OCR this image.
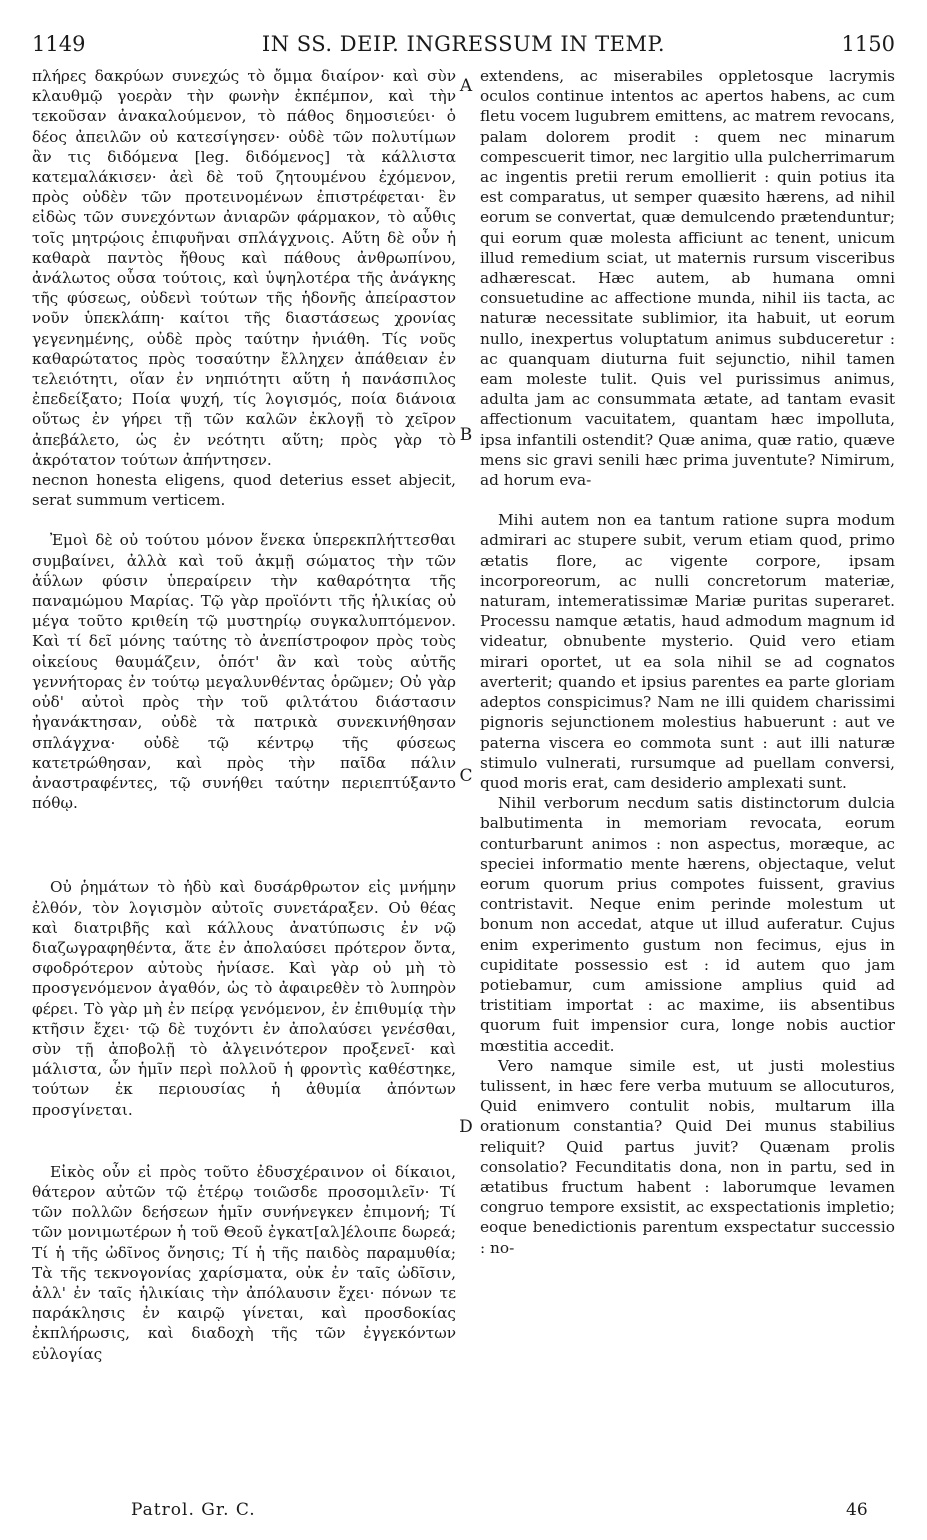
1149	IN SS. DEIP. INGRESSUM IN TEMP.	1150

πλήρες δακρύων συνεχώς τὸ ὄμμα διαίρον· καὶ σὺν κλαυθμῷ γοερὰν τὴν φωνὴν ἐκπέμπον, καὶ τὴν τεκοῦσαν ἀνακαλούμενον, τὸ πάθος δημοσιεύει· ὁ δέος ἀπειλῶν οὐ κατεσίγησεν· οὐδὲ τῶν πολυτίμων ἂν τις διδόμενα [leg. διδόμενος] τὰ κάλλιστα κατεμαλάκισεν· ἀεὶ δὲ τοῦ ζητουμένου ἐχόμενον, πρὸς οὐδὲν τῶν προτεινομένων ἐπιστρέφεται· ἓν εἰδὼς τῶν συνεχόντων ἀνιαρῶν φάρμακον, τὸ αὖθις τοῖς μητρῴοις ἐπιφυῆναι σπλάγχνοις. Αὕτη δὲ οὖν ἡ καθαρὰ παντὸς ἤθους καὶ πάθους ἀνθρωπίνου, ἀνάλωτος οὖσα τούτοις, καὶ ὑψηλοτέρα τῆς ἀνάγκης τῆς φύσεως, οὐδενὶ τούτων τῆς ἡδονῆς ἀπείραστον νοῦν ὑπεκλάπη· καίτοι τῆς διαστάσεως χρονίας γεγενημένης, οὐδὲ πρὸς ταύτην ἠνιάθη. Τίς νοῦς καθαρώτατος πρὸς τοσαύτην ἔλληχεν ἀπάθειαν ἐν τελειότητι, οἵαν ἐν νηπιότητι αὕτη ἡ πανάσπιλος ἐπεδείξατο; Ποία ψυχή, τίς λογισμός, ποία διάνοια οὕτως ἐν γήρει τῇ τῶν καλῶν ἐκλογῇ τὸ χεῖρον ἀπεβάλετο, ὡς ἐν νεότητι αὕτη; πρὸς γὰρ τὸ ἀκρότατον τούτων ἀπήντησεν.

necnon honesta eligens, quod deterius esset abjecit, serat summum verticem.

Ἐμοὶ δὲ οὐ τούτου μόνον ἕνεκα ὑπερεκπλήττεσθαι συμβαίνει, ἀλλὰ καὶ τοῦ ἀκμῇ σώματος τὴν τῶν ἀΰλων φύσιν ὑπεραίρειν τὴν καθαρότητα τῆς παναμώμου Μαρίας. Τῷ γὰρ προϊόντι τῆς ἡλικίας οὐ μέγα τοῦτο κριθείη τῷ μυστηρίῳ συγκαλυπτόμενον. Καὶ τί δεῖ μόνης ταύτης τὸ ἀνεπίστροφον πρὸς τοὺς οἰκείους θαυμάζειν, ὁπότ' ἂν καὶ τοὺς αὐτῆς γεννήτορας ἐν τούτῳ μεγαλυνθέντας ὁρῶμεν; Οὐ γὰρ οὐδ' αὐτοὶ πρὸς τὴν τοῦ φιλτάτου διάστασιν ἠγανάκτησαν, οὐδὲ τὰ πατρικὰ συνεκινήθησαν σπλάγχνα· οὐδὲ τῷ κέντρῳ τῆς φύσεως κατετρώθησαν, καὶ πρὸς τὴν παῖδα πάλιν ἀναστραφέντες, τῷ συνήθει ταύτην περιεπτύξαντο πόθῳ.

Οὐ ῥημάτων τὸ ἡδὺ καὶ δυσάρθρωτον εἰς μνήμην ἐλθόν, τὸν λογισμὸν αὐτοῖς συνετάραξεν. Οὐ θέας καὶ διατριβῆς καὶ κάλλους ἀνατύπωσις ἐν νῷ διαζωγραφηθέντα, ἅτε ἐν ἀπολαύσει πρότερον ὄντα, σφοδρότερον αὐτοὺς ἠνίασε. Καὶ γὰρ οὐ μὴ τὸ προσγενόμενον ἀγαθόν, ὡς τὸ ἀφαιρεθὲν τὸ λυπηρὸν φέρει. Τὸ γὰρ μὴ ἐν πείρᾳ γενόμενον, ἐν ἐπιθυμίᾳ τὴν κτῆσιν ἔχει· τῷ δὲ τυχόντι ἐν ἀπολαύσει γενέσθαι, σὺν τῇ ἀποβολῇ τὸ ἀλγεινότερον προξενεῖ· καὶ μάλιστα, ὧν ἡμῖν περὶ πολλοῦ ἡ φροντὶς καθέστηκε, τούτων ἐκ περιουσίας ἡ ἀθυμία ἀπόντων προσγίνεται.

Εἰκὸς οὖν εἰ πρὸς τοῦτο ἐδυσχέραινον οἱ δίκαιοι, θάτερον αὐτῶν τῷ ἑτέρῳ τοιῶσδε προσομιλεῖν· Τί τῶν πολλῶν δεήσεων ἡμῖν συνήνεγκεν ἐπιμονή; Τί τῶν μονιμωτέρων ἡ τοῦ Θεοῦ ἐγκατ[αλ]έλοιπε δωρεά; Τί ἡ τῆς ὠδῖνος ὄνησις; Τί ἡ τῆς παιδὸς παραμυθία; Τὰ τῆς τεκνογονίας χαρίσματα, οὐκ ἐν ταῖς ὠδῖσιν, ἀλλ' ἐν ταῖς ἡλικίαις τὴν ἀπόλαυσιν ἔχει· πόνων τε παράκλησις ἐν καιρῷ γίνεται, καὶ προσδοκίας ἐκπλήρωσις, καὶ διαδοχὴ τῆς τῶν ἐγγεκόντων εὐλογίας

A
B
C
D

extendens, ac miserabiles oppletosque lacrymis oculos continue intentos ac apertos habens, ac cum fletu vocem lugubrem emittens, ac matrem revocans, palam dolorem prodit : quem nec minarum compescuerit timor, nec largitio ulla pulcherrimarum ac ingentis pretii rerum emollierit : quin potius ita est comparatus, ut semper quæsito hærens, ad nihil eorum se convertat, quæ demulcendo prætenduntur; qui eorum quæ molesta afficiunt ac tenent, unicum illud remedium sciat, ut maternis rursum visceribus adhærescat. Hæc autem, ab humana omni consuetudine ac affectione munda, nihil iis tacta, ac naturæ necessitate sublimior, ita habuit, ut eorum nullo, inexpertus voluptatum animus subduceretur : ac quanquam diuturna fuit sejunctio, nihil tamen eam moleste tulit. Quis vel purissimus animus, adulta jam ac consummata ætate, ad tantam evasit affectionum vacuitatem, quantam hæc impolluta, ipsa infantili ostendit? Quæ anima, quæ ratio, quæve mens sic gravi senili hæc prima juventute? Nimirum, ad horum eva-

Mihi autem non ea tantum ratione supra modum admirari ac stupere subit, verum etiam quod, primo ætatis flore, ac vigente corpore, ipsam incorporeorum, ac nulli concretorum materiæ, naturam, intemeratissimæ Mariæ puritas superaret. Processu namque ætatis, haud admodum magnum id videatur, obnubente mysterio. Quid vero etiam mirari oportet, ut ea sola nihil se ad cognatos averterit; quando et ipsius parentes ea parte gloriam adeptos conspicimus? Nam ne illi quidem charissimi pignoris sejunctionem molestius habuerunt : aut ve paterna viscera eo commota sunt : aut illi naturæ stimulo vulnerati, rursumque ad puellam conversi, quod moris erat, cam desiderio amplexati sunt.

Nihil verborum necdum satis distinctorum dulcia balbutimenta in memoriam revocata, eorum conturbarunt animos : non aspectus, moræque, ac speciei informatio mente hærens, objectaque, velut eorum quorum prius compotes fuissent, gravius contristavit. Neque enim perinde molestum ut bonum non accedat, atque ut illud auferatur. Cujus enim experimento gustum non fecimus, ejus in cupiditate possessio est : id autem quo jam potiebamur, cum amissione amplius quid ad tristitiam importat : ac maxime, iis absentibus quorum fuit impensior cura, longe nobis auctior mœstitia accedit.

Vero namque simile est, ut justi molestius tulissent, in hæc fere verba mutuum se allocuturos, Quid enimvero contulit nobis, multarum illa orationum constantia? Quid Dei munus stabilius reliquit? Quid partus juvit? Quænam prolis consolatio? Fecunditatis dona, non in partu, sed in ætatibus fructum habent : laborumque levamen congruo tempore exsistit, ac exspectationis impletio; eoque benedictionis parentum exspectatur successio : no-

Patrol. Gr. C.	46
